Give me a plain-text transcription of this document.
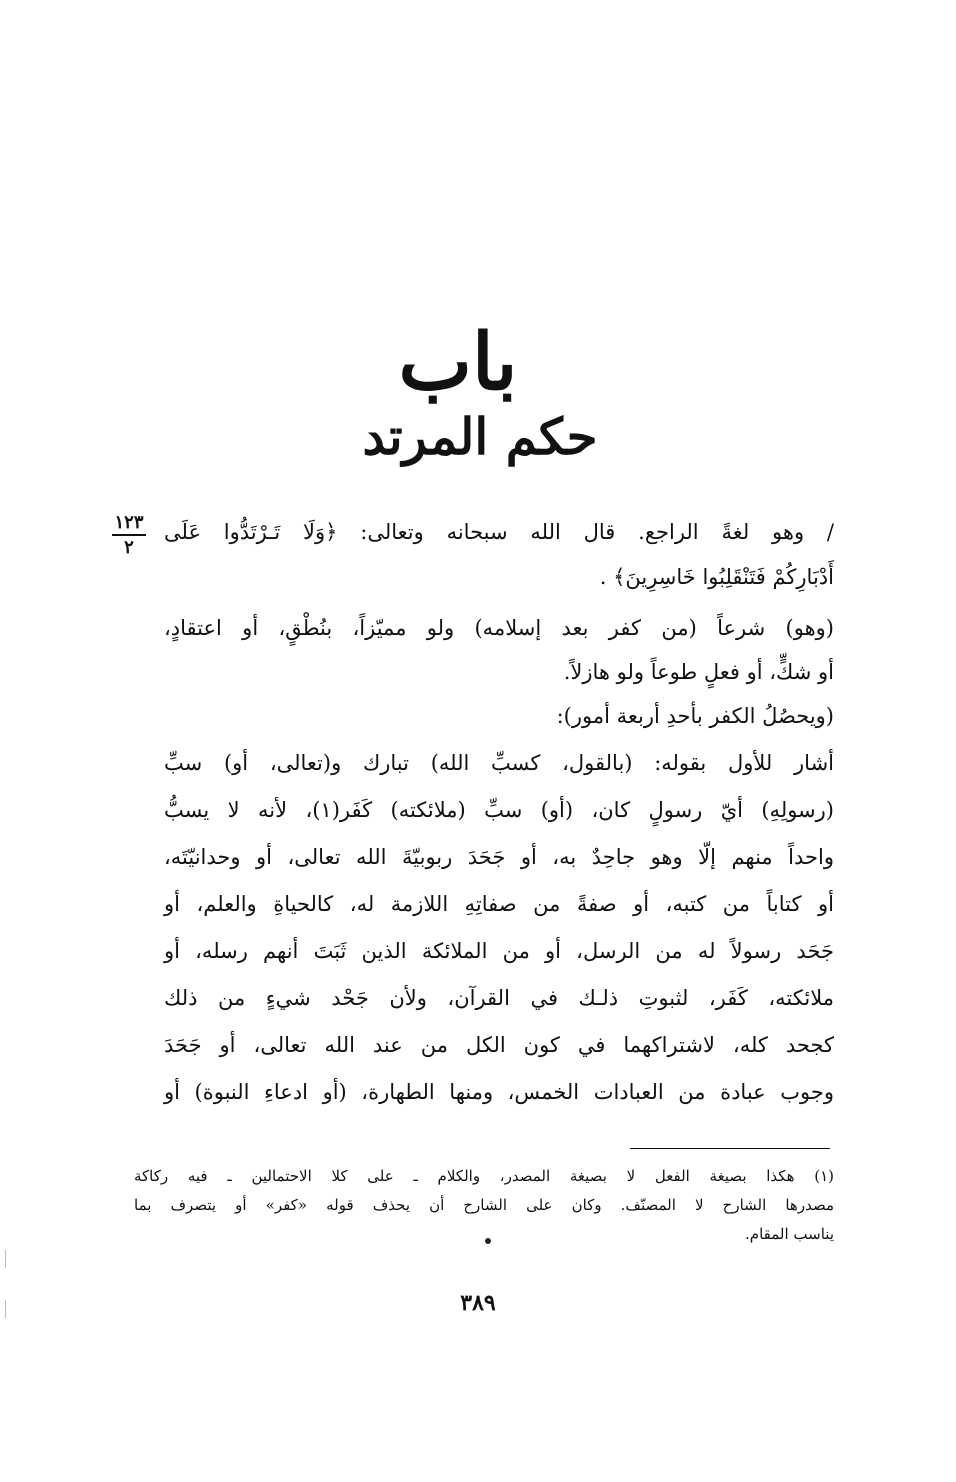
باب
حكم المرتد
١٢٣
٢
/ وهو لغةً الراجع. قال الله سبحانه وتعالى: ﴿وَلَا تَـرْتَدُّوا عَلَى
أَدْبَارِكُمْ فَتَنْقَلِبُوا خَاسِرِينَ﴾ .
(وهو) شرعاً (من كفر بعد إسلامه) ولو مميّزاً، بنُطْقٍ، أو اعتقادٍ،
أو شكٍّ، أو فعلٍ طوعاً ولو هازلاً.
(ويحصُلُ الكفر بأحدِ أربعة أمور):
أشار للأول بقوله: (بالقول، كسبِّ الله) تبارك و(تعالى، أو) سبِّ
(رسولِهِ) أيّ رسولٍ كان، (أو) سبِّ (ملائكته) كَفَر(١)، لأنه لا يسبُّ
واحداً منهم إلّا وهو جاحِدٌ به، أو جَحَدَ ربوبيّةَ الله تعالى، أو وحدانيّتَه،
أو كتاباً من كتبه، أو صفةً من صفاتِهِ اللازمة له، كالحياةِ والعلم، أو
جَحَد رسولاً له من الرسل، أو من الملائكة الذين ثَبَتَ أنهم رسله، أو
ملائكته، كَفَر، لثبوتِ ذلـك في القرآن، ولأن جَحْد شيءٍ من ذلك
كجحد كله، لاشتراكهما في كون الكل من عند الله تعالى، أو جَحَدَ
وجوب عبادة من العبادات الخمس، ومنها الطهارة، (أو ادعاءِ النبوة) أو
(١) هكذا بصيغة الفعل لا بصيغة المصدر، والكلام ـ على كلا الاحتمالين ـ فيه ركاكة
مصدرها الشارح لا المصنّف. وكان على الشارح أن يحذف قوله «كفر» أو يتصرف بما
يناسب المقام.
٣٨٩
